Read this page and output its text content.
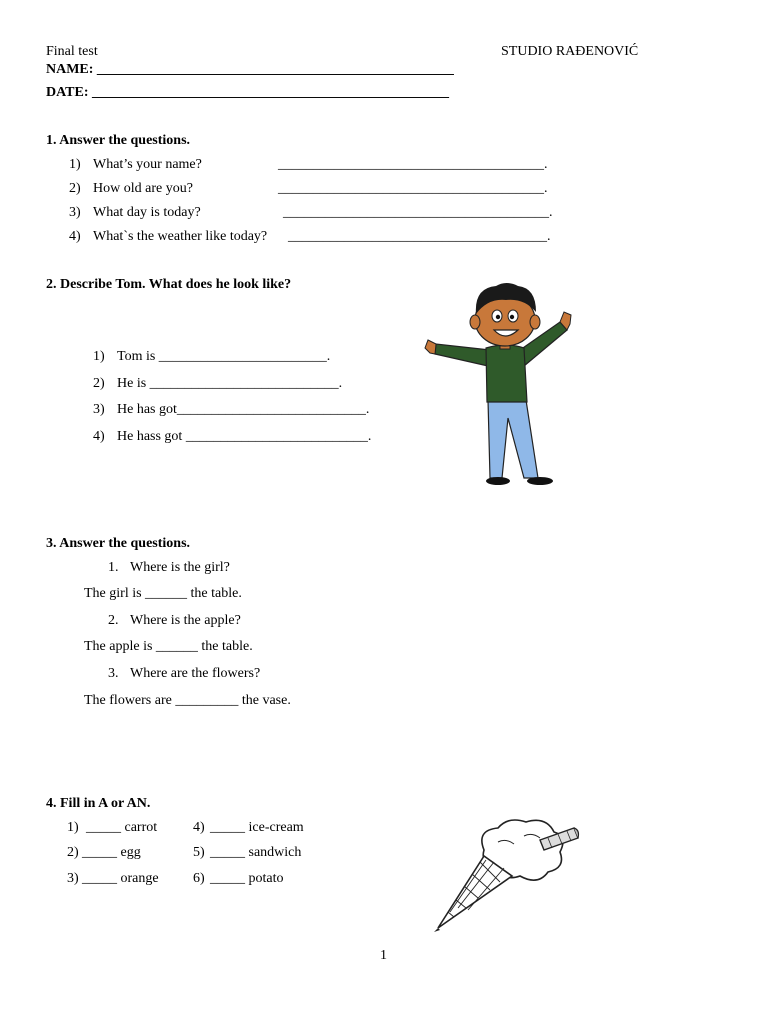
Final test	STUDIO RAĐENOVIĆ
NAME: ___________________________________________________
DATE: ___________________________________________________
1. Answer the questions.
1) What’s your name?	______________________________________.
2) How old are you?	______________________________________.
3) What day is today?	______________________________________.
4) What`s the weather like today? _____________________________________.
2. Describe Tom. What does he look like?
1) Tom is ________________________.
2) He is ___________________________.
3) He has got___________________________.
4) He hass got __________________________.
3. Answer the questions.
1. Where is the girl?
The girl is ______ the table.
2. Where is the apple?
The apple is ______ the table.
3. Where are the flowers?
The flowers are _________ the vase.
4. Fill in A or AN.
1) _____ carrot
2) _____ egg
3) _____ orange
4) _____ ice-cream
5) _____ sandwich
6) _____ potato
1
